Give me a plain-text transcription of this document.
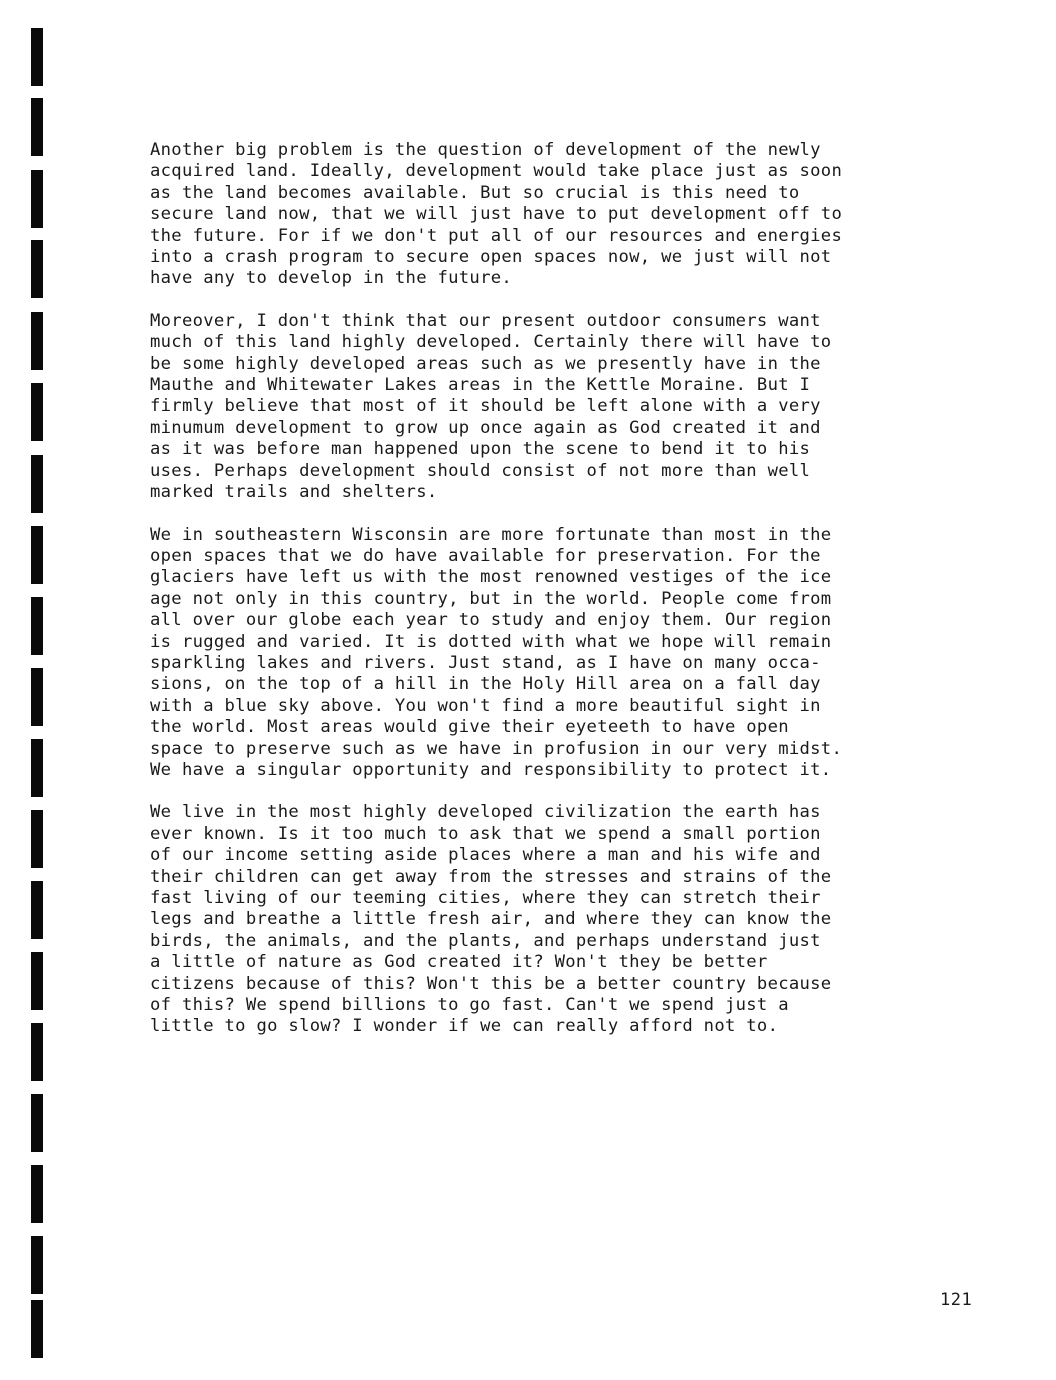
Another big problem is the question of development of the newly
acquired land. Ideally, development would take place just as soon
as the land becomes available. But so crucial is this need to
secure land now, that we will just have to put development off to
the future. For if we don't put all of our resources and energies
into a crash program to secure open spaces now, we just will not
have any to develop in the future.

Moreover, I don't think that our present outdoor consumers want
much of this land highly developed. Certainly there will have to
be some highly developed areas such as we presently have in the
Mauthe and Whitewater Lakes areas in the Kettle Moraine. But I
firmly believe that most of it should be left alone with a very
minumum development to grow up once again as God created it and
as it was before man happened upon the scene to bend it to his
uses. Perhaps development should consist of not more than well
marked trails and shelters.

We in southeastern Wisconsin are more fortunate than most in the
open spaces that we do have available for preservation. For the
glaciers have left us with the most renowned vestiges of the ice
age not only in this country, but in the world. People come from
all over our globe each year to study and enjoy them. Our region
is rugged and varied. It is dotted with what we hope will remain
sparkling lakes and rivers. Just stand, as I have on many occa-
sions, on the top of a hill in the Holy Hill area on a fall day
with a blue sky above. You won't find a more beautiful sight in
the world. Most areas would give their eyeteeth to have open
space to preserve such as we have in profusion in our very midst.
We have a singular opportunity and responsibility to protect it.

We live in the most highly developed civilization the earth has
ever known. Is it too much to ask that we spend a small portion
of our income setting aside places where a man and his wife and
their children can get away from the stresses and strains of the
fast living of our teeming cities, where they can stretch their
legs and breathe a little fresh air, and where they can know the
birds, the animals, and the plants, and perhaps understand just
a little of nature as God created it? Won't they be better
citizens because of this? Won't this be a better country because
of this? We spend billions to go fast. Can't we spend just a
little to go slow? I wonder if we can really afford not to.

121
